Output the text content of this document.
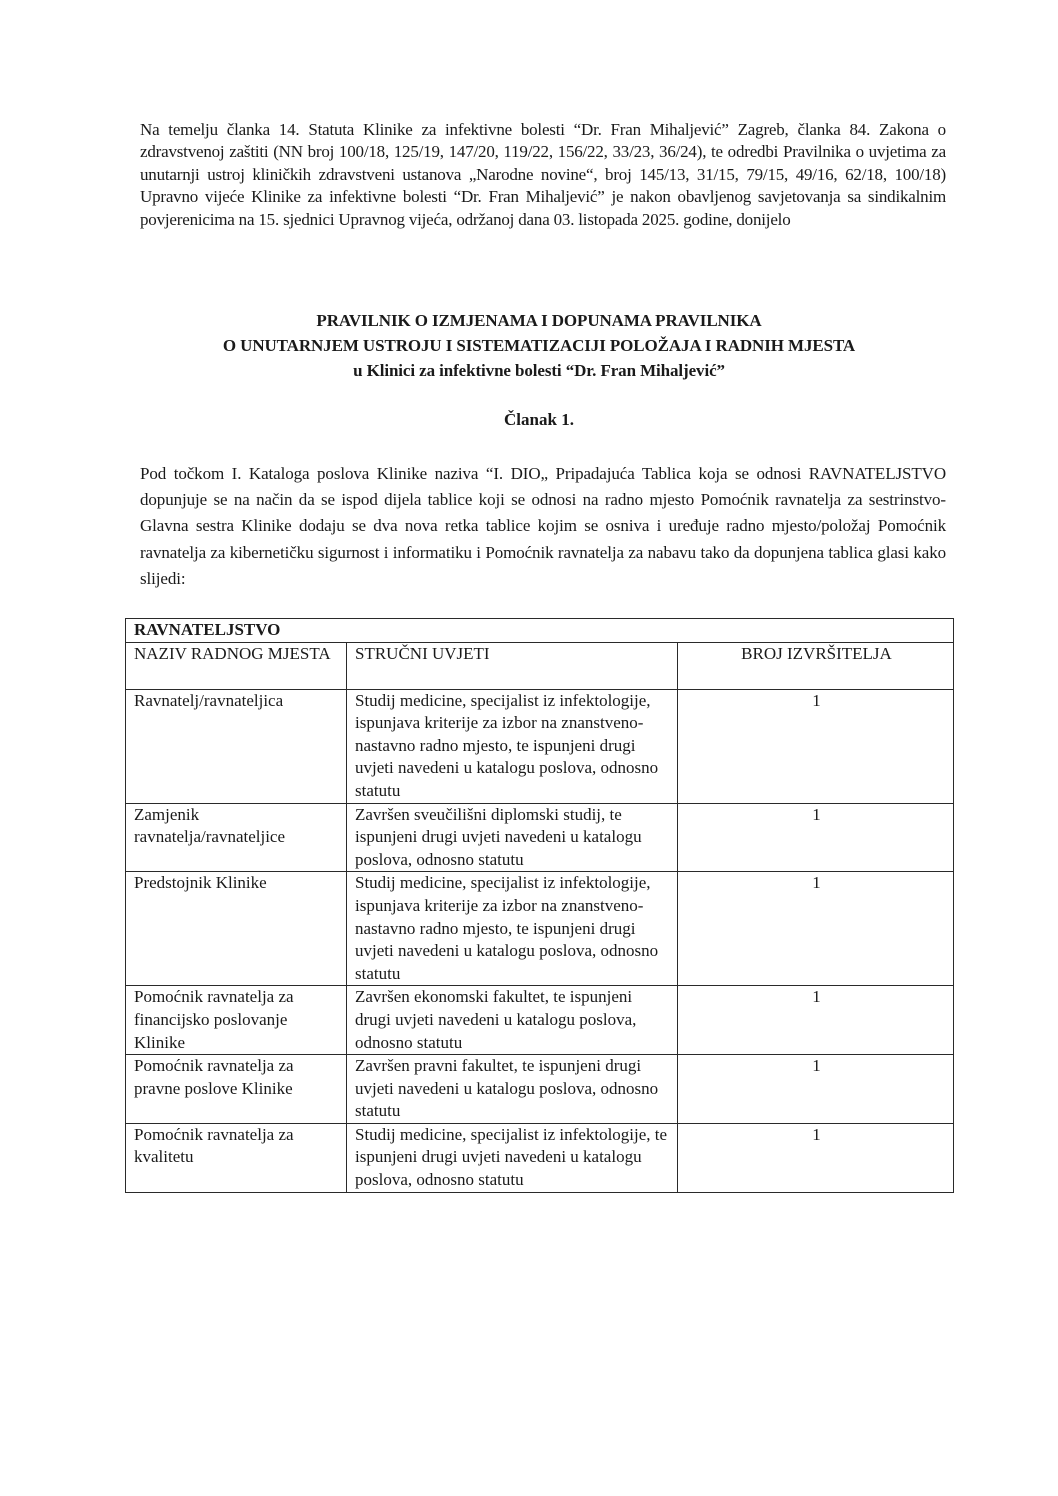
Na temelju članka 14. Statuta Klinike za infektivne bolesti “Dr. Fran Mihaljević” Zagreb, članka 84. Zakona o zdravstvenoj zaštiti (NN broj 100/18, 125/19, 147/20, 119/22, 156/22, 33/23, 36/24), te odredbi Pravilnika o uvjetima za unutarnji ustroj kliničkih zdravstveni ustanova „Narodne novine“, broj 145/13, 31/15, 79/15, 49/16, 62/18, 100/18) Upravno vijeće Klinike za infektivne bolesti “Dr. Fran Mihaljević” je nakon obavljenog savjetovanja sa sindikalnim povjerenicima na 15. sjednici Upravnog vijeća, održanoj dana 03. listopada 2025. godine, donijelo
PRAVILNIK O IZMJENAMA I DOPUNAMA PRAVILNIKA
O UNUTARNJEM USTROJU I SISTEMATIZACIJI POLOŽAJA I RADNIH MJESTA
u Klinici za infektivne bolesti “Dr. Fran Mihaljević”
Članak 1.
Pod točkom I. Kataloga poslova Klinike naziva “I. DIO„ Pripadajuća Tablica koja se odnosi RAVNATELJSTVO dopunjuje se na način da se ispod dijela tablice koji se odnosi na radno mjesto Pomoćnik ravnatelja za sestrinstvo-Glavna sestra Klinike dodaju se dva nova retka tablice kojim se osniva i uređuje radno mjesto/položaj Pomoćnik ravnatelja za kibernetičku sigurnost i informatiku i Pomoćnik ravnatelja za nabavu tako da dopunjena tablica glasi kako slijedi:
RAVNATELJSTVO		
NAZIV RADNOG MJESTA	STRUČNI UVJETI	BROJ IZVRŠITELJA
Ravnatelj/ravnateljica	Studij medicine, specijalist iz infektologije, ispunjava kriterije za izbor na znanstveno-nastavno radno mjesto, te ispunjeni drugi uvjeti navedeni u katalogu poslova, odnosno statutu	1
Zamjenik ravnatelja/ravnateljice	Završen sveučilišni diplomski studij, te ispunjeni drugi uvjeti navedeni u katalogu poslova, odnosno statutu	1
Predstojnik Klinike	Studij medicine, specijalist iz infektologije, ispunjava kriterije za izbor na znanstveno-nastavno radno mjesto, te ispunjeni drugi uvjeti navedeni u katalogu poslova, odnosno statutu	1
Pomoćnik ravnatelja za financijsko poslovanje Klinike	Završen ekonomski fakultet, te ispunjeni drugi uvjeti navedeni u katalogu poslova, odnosno statutu	1
Pomoćnik ravnatelja za pravne poslove Klinike	Završen pravni fakultet, te ispunjeni drugi uvjeti navedeni u katalogu poslova, odnosno statutu	1
Pomoćnik ravnatelja za kvalitetu	Studij medicine, specijalist iz infektologije, te ispunjeni drugi uvjeti navedeni u katalogu poslova, odnosno statutu	1
